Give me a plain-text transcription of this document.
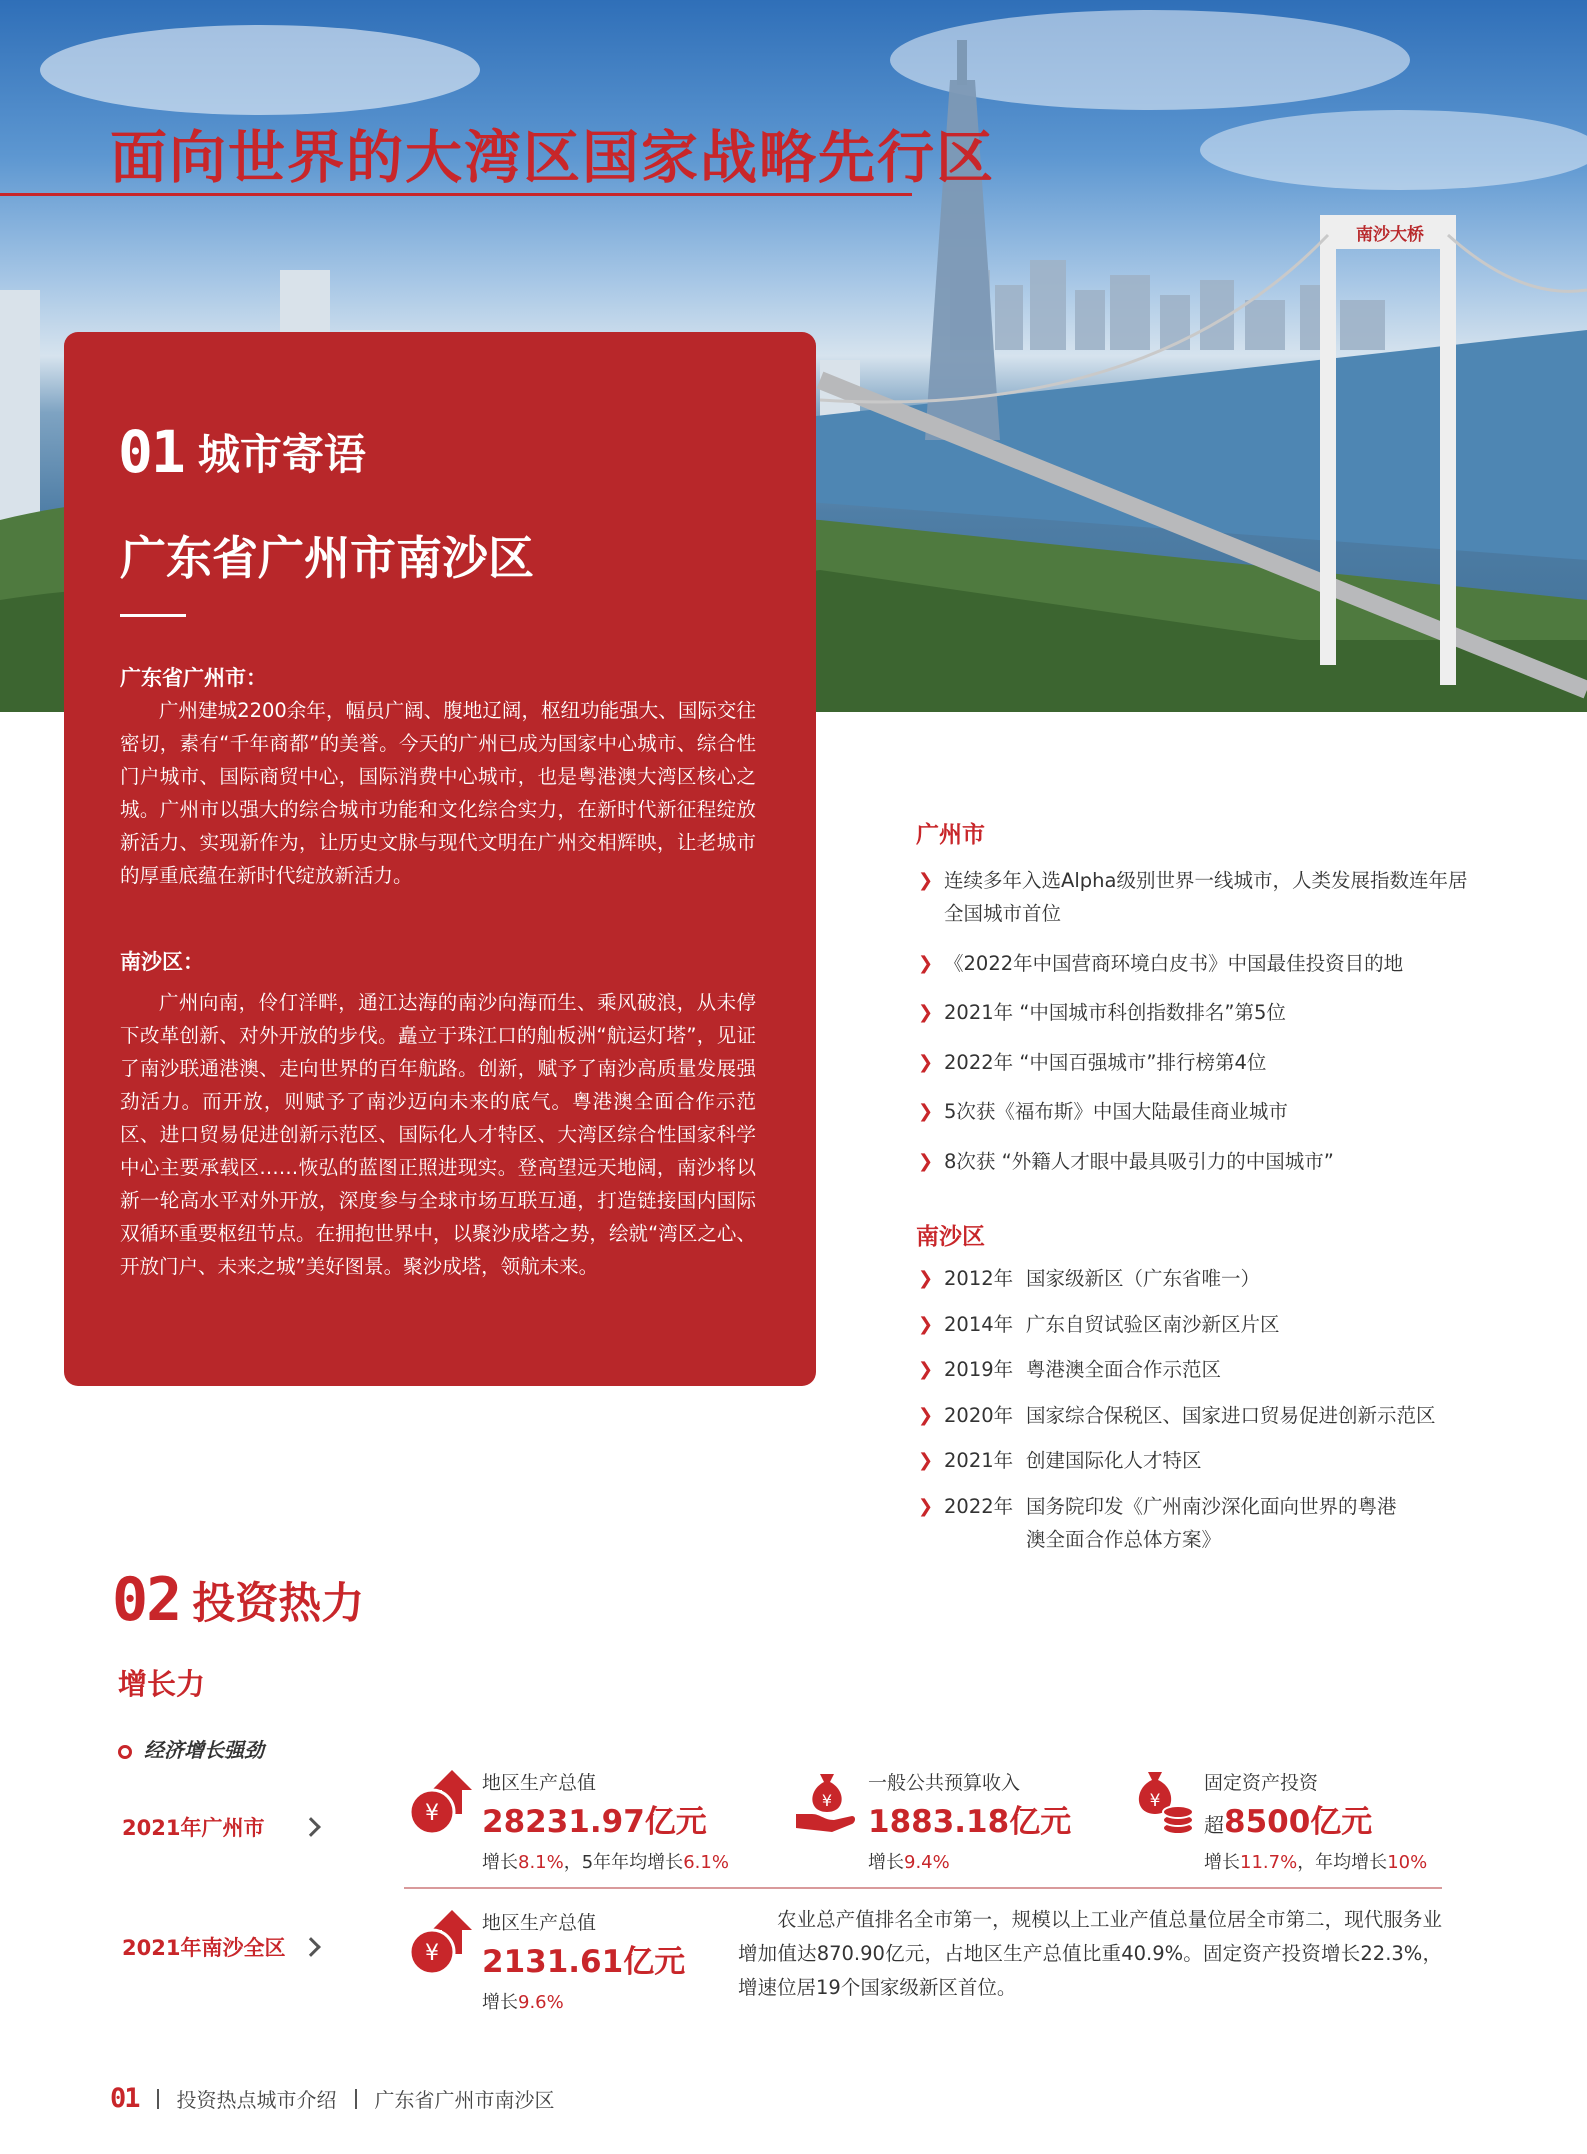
南沙大桥
面向世界的大湾区国家战略先行区
01 城市寄语
广东省广州市南沙区
广东省广州市：

广州建城2200余年，幅员广阔、腹地辽阔，枢纽功能强大、国际交往密切，素有“千年商都”的美誉。今天的广州已成为国家中心城市、综合性门户城市、国际商贸中心，国际消费中心城市，也是粤港澳大湾区核心之城。广州市以强大的综合城市功能和文化综合实力，在新时代新征程绽放新活力、实现新作为，让历史文脉与现代文明在广州交相辉映，让老城市的厚重底蕴在新时代绽放新活力。

南沙区：

广州向南，伶仃洋畔，通江达海的南沙向海而生、乘风破浪，从未停下改革创新、对外开放的步伐。矗立于珠江口的舢板洲“航运灯塔”，见证了南沙联通港澳、走向世界的百年航路。创新，赋予了南沙高质量发展强劲活力。而开放，则赋予了南沙迈向未来的底气。粤港澳全面合作示范区、进口贸易促进创新示范区、国际化人才特区、大湾区综合性国家科学中心主要承载区……恢弘的蓝图正照进现实。登高望远天地阔，南沙将以新一轮高水平对外开放，深度参与全球市场互联互通，打造链接国内国际双循环重要枢纽节点。在拥抱世界中，以聚沙成塔之势，绘就“湾区之心、开放门户、未来之城”美好图景。聚沙成塔，领航未来。

广州市
❯ 连续多年入选Alpha级别世界一线城市，人类发展指数连年居全国城市首位
❯ 《2022年中国营商环境白皮书》中国最佳投资目的地
❯ 2021年 “中国城市科创指数排名”第5位
❯ 2022年 “中国百强城市”排行榜第4位
❯ 5次获《福布斯》中国大陆最佳商业城市
❯ 8次获 “外籍人才眼中最具吸引力的中国城市”
南沙区
❯ 2012年 国家级新区（广东省唯一）
❯ 2014年 广东自贸试验区南沙新区片区
❯ 2019年 粤港澳全面合作示范区
❯ 2020年 国家综合保税区、国家进口贸易促进创新示范区
❯ 2021年 创建国际化人才特区
❯ 2022年 国务院印发《广州南沙深化面向世界的粤港
澳全面合作总体方案》
02 投资热力
增长力
经济增长强劲
2021年广州市
2021年南沙全区
¥
地区生产总值
28231.97亿元
增长8.1%，5年年均增长6.1%
¥
一般公共预算收入
1883.18亿元
增长9.4%
¥
固定资产投资
超8500亿元
增长11.7%，年均增长10%
¥
地区生产总值
2131.61亿元
增长9.6%

农业总产值排名全市第一，规模以上工业产值总量位居全市第二，现代服务业增加值达870.90亿元，占地区生产总值比重40.9%。固定资产投资增长22.3%，增速位居19个国家级新区首位。

01 投资热点城市介绍 广东省广州市南沙区
